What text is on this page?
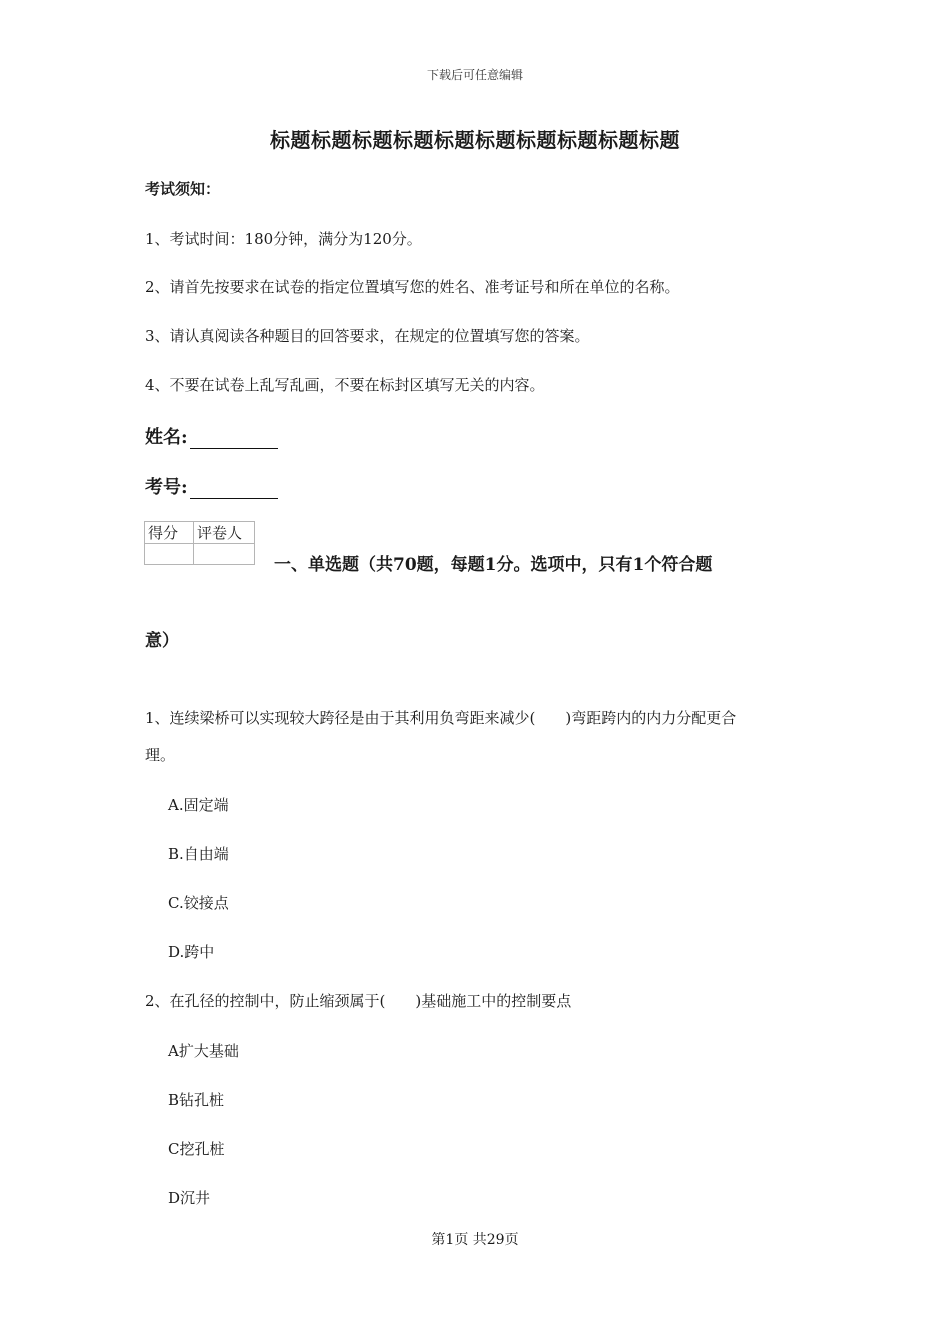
下载后可任意编辑
标题标题标题标题标题标题标题标题标题标题
考试须知：
1、考试时间：180分钟，满分为120分。
2、请首先按要求在试卷的指定位置填写您的姓名、准考证号和所在单位的名称。
3、请认真阅读各种题目的回答要求，在规定的位置填写您的答案。
4、不要在试卷上乱写乱画，不要在标封区填写无关的内容。
姓名:
考号:
得分	评卷人

一、单选题（共70题，每题1分。选项中，只有1个符合题
意）
1、连续梁桥可以实现较大跨径是由于其利用负弯距来减少(　　)弯距跨内的内力分配更合
理。
A.固定端
B.自由端
C.铰接点
D.跨中
2、在孔径的控制中，防止缩颈属于(　　)基础施工中的控制要点
A扩大基础
B钻孔桩
C挖孔桩
D沉井
第1页 共29页
